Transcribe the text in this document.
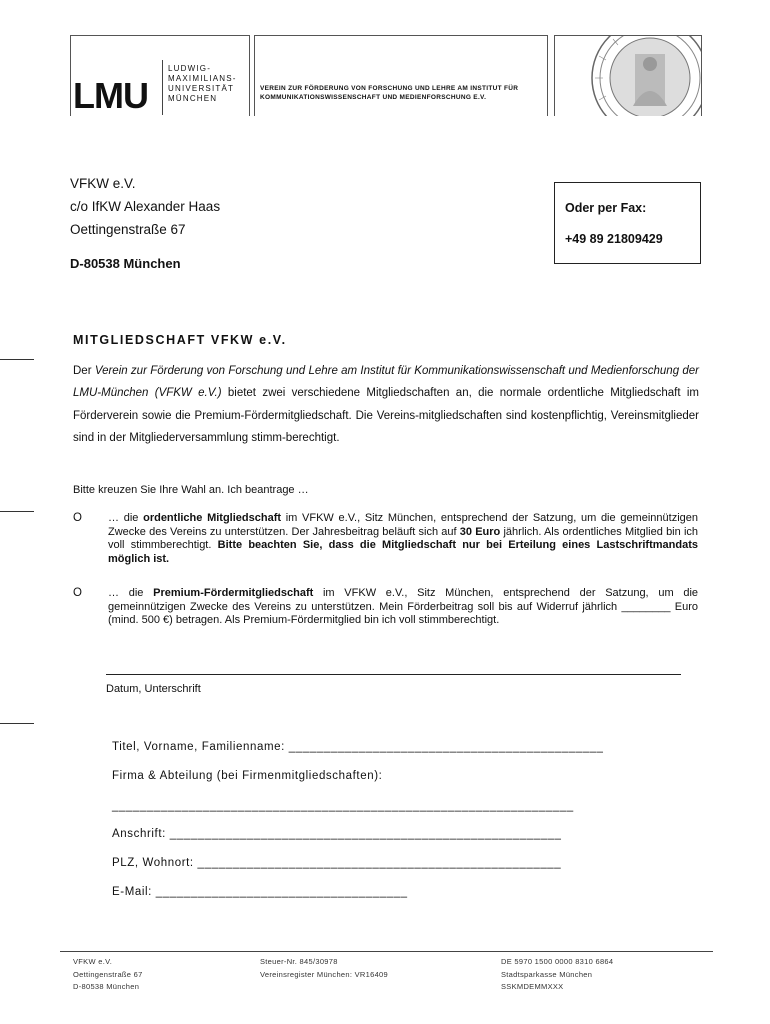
LMU
LUDWIG-
MAXIMILIANS-
UNIVERSITÄT
MÜNCHEN
VEREIN ZUR FÖRDERUNG VON FORSCHUNG UND LEHRE AM INSTITUT FÜR KOMMUNIKATIONSWISSENSCHAFT UND MEDIENFORSCHUNG E.V.
VFKW e.V.
c/o IfKW Alexander Haas
Oettingenstraße 67
D-80538 München
Oder per Fax:
+49 89 21809429
MITGLIEDSCHAFT VFKW e.V.
Der Verein zur Förderung von Forschung und Lehre am Institut für Kommunikationswissenschaft und Medienforschung der LMU-München (VFKW e.V.) bietet zwei verschiedene Mitgliedschaften an, die normale ordentliche Mitgliedschaft im Förderverein sowie die Premium-Fördermitgliedschaft. Die Vereins-mitgliedschaften sind kostenpflichtig, Vereinsmitglieder sind in der Mitgliederversammlung stimm-berechtigt.
Bitte kreuzen Sie Ihre Wahl an. Ich beantrage …
O … die ordentliche Mitgliedschaft im VFKW e.V., Sitz München, entsprechend der Satzung, um die gemeinnützigen Zwecke des Vereins zu unterstützen. Der Jahresbeitrag beläuft sich auf 30 Euro jährlich. Als ordentliches Mitglied bin ich voll stimmberechtigt. Bitte beachten Sie, dass die Mitgliedschaft nur bei Erteilung eines Lastschriftmandats möglich ist.
O … die Premium-Fördermitgliedschaft im VFKW e.V., Sitz München, entsprechend der Satzung, um die gemeinnützigen Zwecke des Vereins zu unterstützen. Mein Förderbeitrag soll bis auf Widerruf jährlich ________ Euro (mind. 500 €) betragen. Als Premium-Fördermitglied bin ich voll stimmberechtigt.
Datum, Unterschrift
Titel, Vorname, Familienname: _____________________________________________
Firma & Abteilung (bei Firmenmitgliedschaften):
__________________________________________________________________
Anschrift: ________________________________________________________
PLZ, Wohnort: ____________________________________________________
E-Mail: ____________________________________
VFKW e.V.
Oettingenstraße 67
D-80538 München
Steuer-Nr. 845/30978
Vereinsregister München: VR16409
DE 5970 1500 0000 8310 6864
Stadtsparkasse München
SSKMDEMMXXX
